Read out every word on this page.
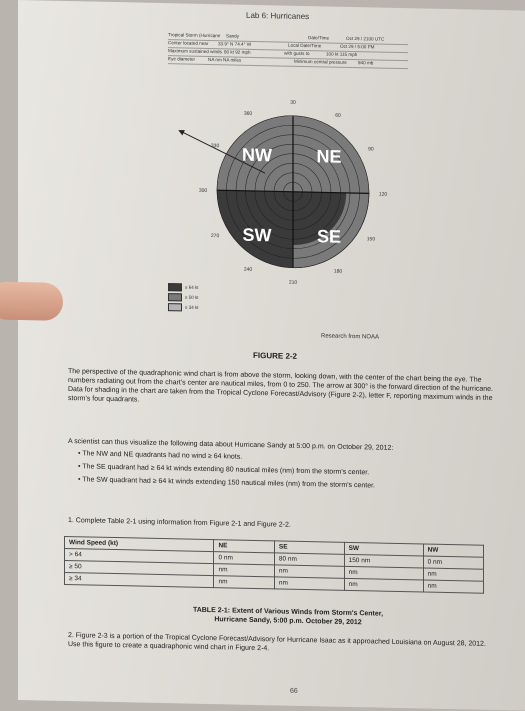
Lab 6: Hurricanes
Tropical Storm (Hurricane Sandy	Date/Time	Oct 29 / 2100 UTC
Center located near 33.9° N 74.4° W	Local Date/Time	Oct 29 / 5:00 PM
Maximum sustained winds 80 kt 92 mph	with gusts to	100 kt 115 mph
Eye diameter	NA nm NA miles	Minimum central pressure 940 mb
NW NE
SW	SE
30
60
90
120
150
180
210
240
270
300
330
360
≥ 64 kt
≥ 50 kt
≥ 34 kt
Research from NOAA
FIGURE 2-2
The perspective of the quadraphonic wind chart is from above the storm, looking down, with the center of the chart being the eye. The numbers radiating out from the chart's center are nautical miles, from 0 to 250. The arrow at 300° is the forward direction of the hurricane. Data for shading in the chart are taken from the Tropical Cyclone Forecast/Advisory (Figure 2-2), letter F, reporting maximum winds in the storm's four quadrants.
A scientist can thus visualize the following data about Hurricane Sandy at 5:00 p.m. on October 29, 2012:
• The NW and NE quadrants had no wind ≥ 64 knots.
• The SE quadrant had ≥ 64 kt winds extending 80 nautical miles (nm) from the storm's center.
• The SW quadrant had ≥ 64 kt winds extending 150 nautical miles (nm) from the storm's center.
1. Complete Table 2-1 using information from Figure 2-1 and Figure 2-2.
Wind Speed (kt)	NE	SE	SW	NW
> 64	0 nm	80 nm	150 nm	0 nm
≥ 50	nm	nm	nm	nm
≥ 34	nm	nm	nm	nm
TABLE 2-1: Extent of Various Winds from Storm's Center,
Hurricane Sandy, 5:00 p.m. October 29, 2012
2. Figure 2-3 is a portion of the Tropical Cyclone Forecast/Advisory for Hurricane Isaac as it approached Louisiana on August 28, 2012. Use this figure to create a quadraphonic wind chart in Figure 2-4.
66
